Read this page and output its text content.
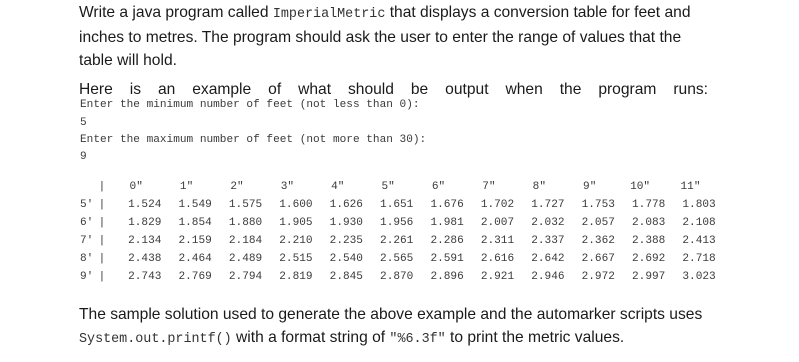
Write a java program called ImperialMetric that displays a conversion table for feet and inches to metres. The program should ask the user to enter the range of values that the table will hold.
Here is an example of what should be output when the program runs:
Enter the minimum number of feet (not less than 0):
5
Enter the maximum number of feet (not more than 30):
9
|	0"	1"	2"	3"	4"	5"	6"	7"	8"	9"	10"	11"
5' |	1.524	1.549	1.575	1.600	1.626	1.651	1.676	1.702	1.727	1.753	1.778	1.803
6' |	1.829	1.854	1.880	1.905	1.930	1.956	1.981	2.007	2.032	2.057	2.083	2.108
7' |	2.134	2.159	2.184	2.210	2.235	2.261	2.286	2.311	2.337	2.362	2.388	2.413
8' |	2.438	2.464	2.489	2.515	2.540	2.565	2.591	2.616	2.642	2.667	2.692	2.718
9' |	2.743	2.769	2.794	2.819	2.845	2.870	2.896	2.921	2.946	2.972	2.997	3.023
The sample solution used to generate the above example and the automarker scripts uses System.out.printf() with a format string of "%6.3f" to print the metric values.
